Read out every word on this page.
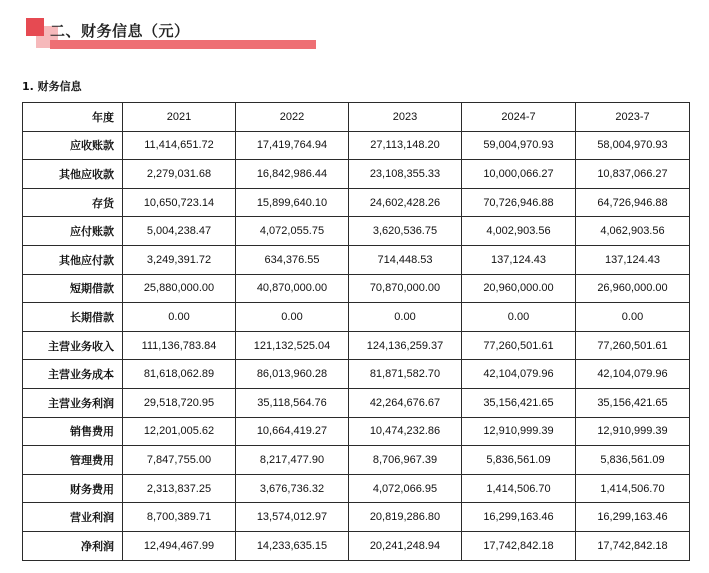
二、财务信息（元）
1. 财务信息
年度	2021	2022	2023	2024-7	2023-7
应收账款	11,414,651.72	17,419,764.94	27,113,148.20	59,004,970.93	58,004,970.93
其他应收款	2,279,031.68	16,842,986.44	23,108,355.33	10,000,066.27	10,837,066.27
存货	10,650,723.14	15,899,640.10	24,602,428.26	70,726,946.88	64,726,946.88
应付账款	5,004,238.47	4,072,055.75	3,620,536.75	4,002,903.56	4,062,903.56
其他应付款	3,249,391.72	634,376.55	714,448.53	137,124.43	137,124.43
短期借款	25,880,000.00	40,870,000.00	70,870,000.00	20,960,000.00	26,960,000.00
长期借款	0.00	0.00	0.00	0.00	0.00
主营业务收入	111,136,783.84	121,132,525.04	124,136,259.37	77,260,501.61	77,260,501.61
主营业务成本	81,618,062.89	86,013,960.28	81,871,582.70	42,104,079.96	42,104,079.96
主营业务利润	29,518,720.95	35,118,564.76	42,264,676.67	35,156,421.65	35,156,421.65
销售费用	12,201,005.62	10,664,419.27	10,474,232.86	12,910,999.39	12,910,999.39
管理费用	7,847,755.00	8,217,477.90	8,706,967.39	5,836,561.09	5,836,561.09
财务费用	2,313,837.25	3,676,736.32	4,072,066.95	1,414,506.70	1,414,506.70
营业利润	8,700,389.71	13,574,012.97	20,819,286.80	16,299,163.46	16,299,163.46
净利润	12,494,467.99	14,233,635.15	20,241,248.94	17,742,842.18	17,742,842.18
